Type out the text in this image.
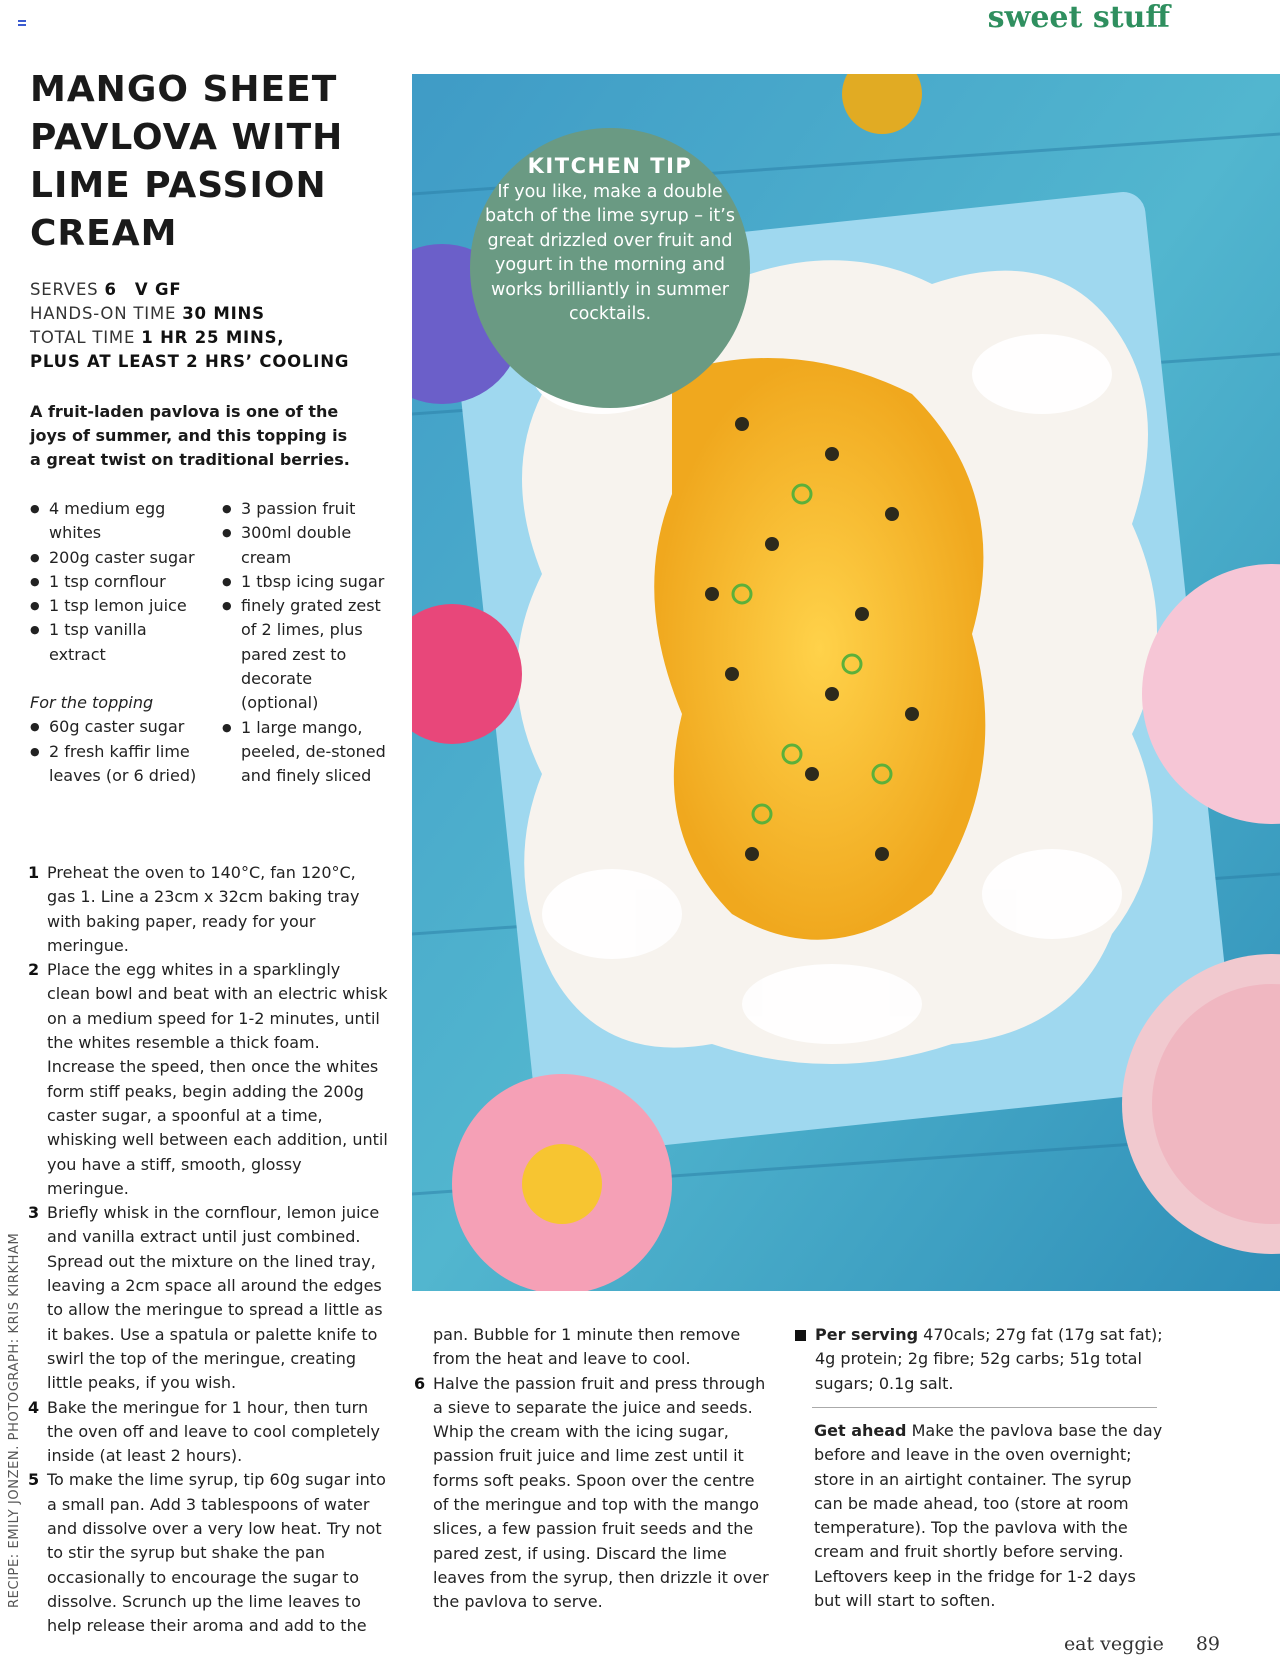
sweet stuff
MANGO SHEET
PAVLOVA WITH
LIME PASSION
CREAM
SERVES 6 V GF
HANDS-ON TIME 30 MINS
TOTAL TIME 1 HR 25 MINS,
PLUS AT LEAST 2 HRS’ COOLING
A fruit-laden pavlova is one of the joys of summer, and this topping is a great twist on traditional berries.
● 4 medium egg whites
● 200g caster sugar
● 1 tsp cornflour
● 1 tsp lemon juice
● 1 tsp vanilla extract
For the topping
● 60g caster sugar
● 2 fresh kaffir lime leaves (or 6 dried)
● 3 passion fruit
● 300ml double cream
● 1 tbsp icing sugar
● finely grated zest of 2 limes, plus pared zest to decorate (optional)
● 1 large mango, peeled, de-stoned and finely sliced
1 Preheat the oven to 140°C, fan 120°C, gas 1. Line a 23cm x 32cm baking tray with baking paper, ready for your meringue.
2 Place the egg whites in a sparklingly clean bowl and beat with an electric whisk on a medium speed for 1-2 minutes, until the whites resemble a thick foam. Increase the speed, then once the whites form stiff peaks, begin adding the 200g caster sugar, a spoonful at a time, whisking well between each addition, until you have a stiff, smooth, glossy meringue.
3 Briefly whisk in the cornflour, lemon juice and vanilla extract until just combined. Spread out the mixture on the lined tray, leaving a 2cm space all around the edges to allow the meringue to spread a little as it bakes. Use a spatula or palette knife to swirl the top of the meringue, creating little peaks, if you wish.
4 Bake the meringue for 1 hour, then turn the oven off and leave to cool completely inside (at least 2 hours).
5 To make the lime syrup, tip 60g sugar into a small pan. Add 3 tablespoons of water and dissolve over a very low heat. Try not to stir the syrup but shake the pan occasionally to encourage the sugar to dissolve. Scrunch up the lime leaves to help release their aroma and add to the
KITCHEN TIP
If you like, make a double batch of the lime syrup – it’s great drizzled over fruit and yogurt in the morning and works brilliantly in summer cocktails.
pan. Bubble for 1 minute then remove from the heat and leave to cool.
6 Halve the passion fruit and press through a sieve to separate the juice and seeds. Whip the cream with the icing sugar, passion fruit juice and lime zest until it forms soft peaks. Spoon over the centre of the meringue and top with the mango slices, a few passion fruit seeds and the pared zest, if using. Discard the lime leaves from the syrup, then drizzle it over the pavlova to serve.
Per serving 470cals; 27g fat (17g sat fat); 4g protein; 2g fibre; 52g carbs; 51g total sugars; 0.1g salt.
Get ahead Make the pavlova base the day before and leave in the oven overnight; store in an airtight container. The syrup can be made ahead, too (store at room temperature). Top the pavlova with the cream and fruit shortly before serving. Leftovers keep in the fridge for 1-2 days but will start to soften.
RECIPE: EMILY JONZEN. PHOTOGRAPH: KRIS KIRKHAM
eat veggie 89
